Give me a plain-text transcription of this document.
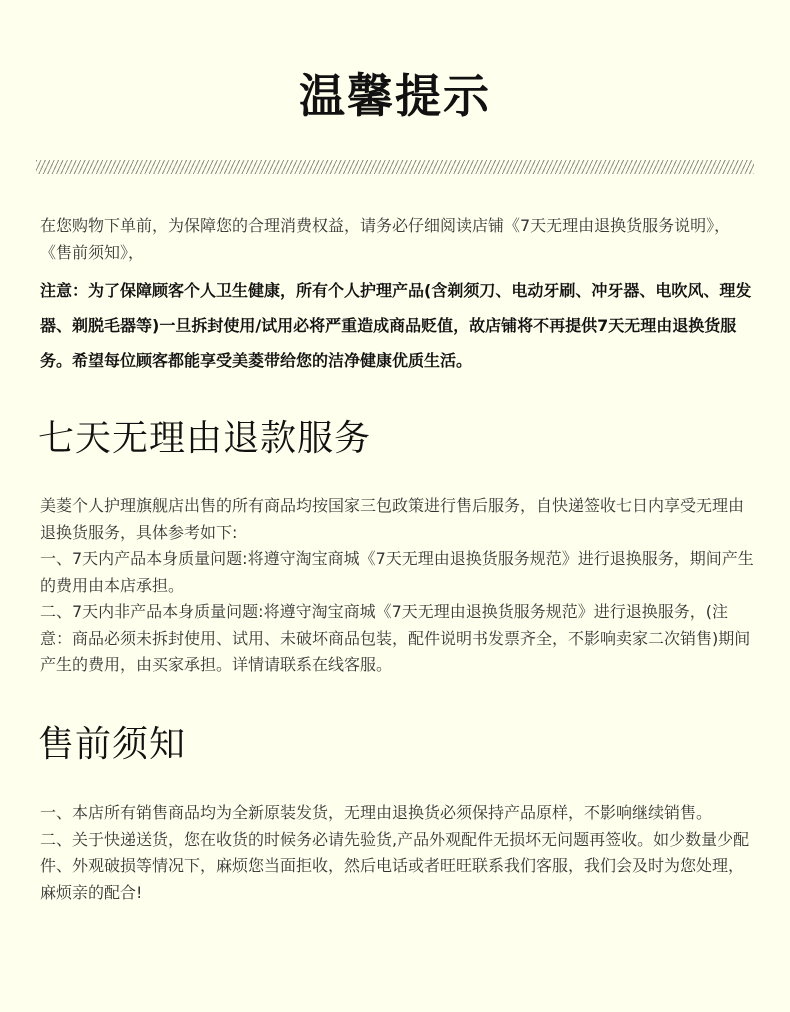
温馨提示

在您购物下单前，为保障您的合理消费权益，请务必仔细阅读店铺《7天无理由退换货服务说明》，《售前须知》，

注意：为了保障顾客个人卫生健康，所有个人护理产品(含剃须刀、电动牙刷、冲牙器、电吹风、理发器、剃脱毛器等)一旦拆封使用/试用必将严重造成商品贬值，故店铺将不再提供7天无理由退换货服务。希望每位顾客都能享受美菱带给您的洁净健康优质生活。

七天无理由退款服务

美菱个人护理旗舰店出售的所有商品均按国家三包政策进行售后服务，自快递签收七日内享受无理由退换货服务，具体参考如下:

一、7天内产品本身质量问题:将遵守淘宝商城《7天无理由退换货服务规范》进行退换服务，期间产生的费用由本店承担。

二、7天内非产品本身质量问题:将遵守淘宝商城《7天无理由退换货服务规范》进行退换服务，(注意：商品必须未拆封使用、试用、未破坏商品包装，配件说明书发票齐全，不影响卖家二次销售)期间产生的费用，由买家承担。详情请联系在线客服。

售前须知

一、本店所有销售商品均为全新原装发货，无理由退换货必须保持产品原样，不影响继续销售。

二、关于快递送货，您在收货的时候务必请先验货,产品外观配件无损坏无问题再签收。如少数量少配件、外观破损等情况下，麻烦您当面拒收，然后电话或者旺旺联系我们客服，我们会及时为您处理，麻烦亲的配合!
